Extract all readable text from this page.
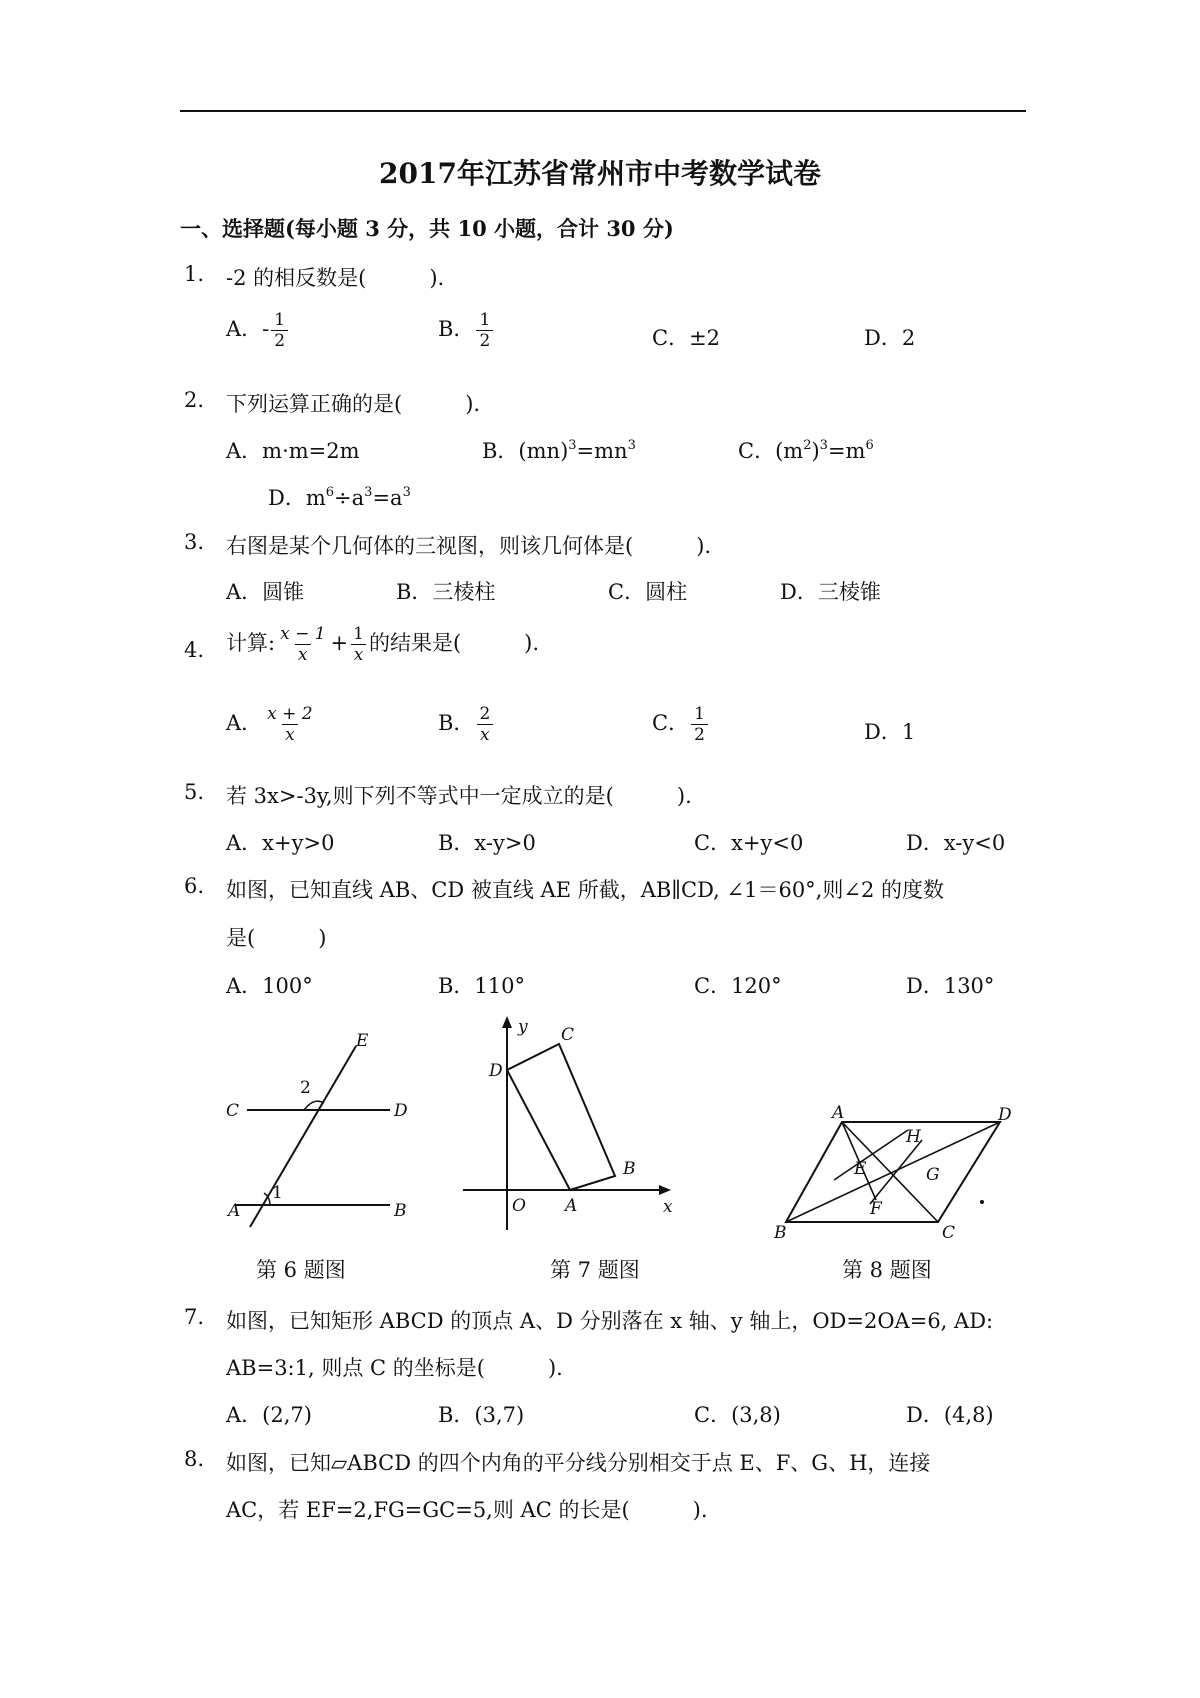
2017年江苏省常州市中考数学试卷
一、选择题(每小题 3 分，共 10 小题，合计 30 分)
1. -2 的相反数是(　　　).
A．- $\frac{1}{2}$	B． $\frac{1}{2}$	C．±2	D．2
2. 下列运算正确的是(　　　).
A．m·m=2m	B．$(mn)^3=mn^3$	C．$(m^2)^3=m^6$
D．$m^6\div a^3=a^3$
3. 右图是某个几何体的三视图，则该几何体是(　　　).
A．圆锥	B．三棱柱	C．圆柱	D．三棱锥
4. 计算: $\frac{x - 1}{x} + \frac{1}{x}$ 的结果是(　　　).
A． $\frac{x + 2}{x}$	B． $\frac{2}{x}$	C． $\frac{1}{2}$	D．1
5. 若 3x>-3y,则下列不等式中一定成立的是(　　　).
A．x+y>0	B．x-y>0	C．x+y<0	D．x-y<0
6. 如图，已知直线 AB、CD 被直线 AE 所截，AB∥CD, ∠1＝60°,则∠2 的度数
是(　　　)
A．100°	B．110°	C．120°	D．130°
E
C	D
A	B
1
2
第 6 题图
y
x
O A
B
C
D
第 7 题图
A	D
B	C
E
F
G
H
第 8 题图
7. 如图，已知矩形 ABCD 的顶点 A、D 分别落在 x 轴、y 轴上，OD=2OA=6, AD:
AB=3:1, 则点 C 的坐标是(　　　).
A．(2,7)	B．(3,7)	C．(3,8)	D．(4,8)
8. 如图，已知▱ABCD 的四个内角的平分线分别相交于点 E、F、G、H，连接
AC，若 EF=2,FG=GC=5,则 AC 的长是(　　　).
